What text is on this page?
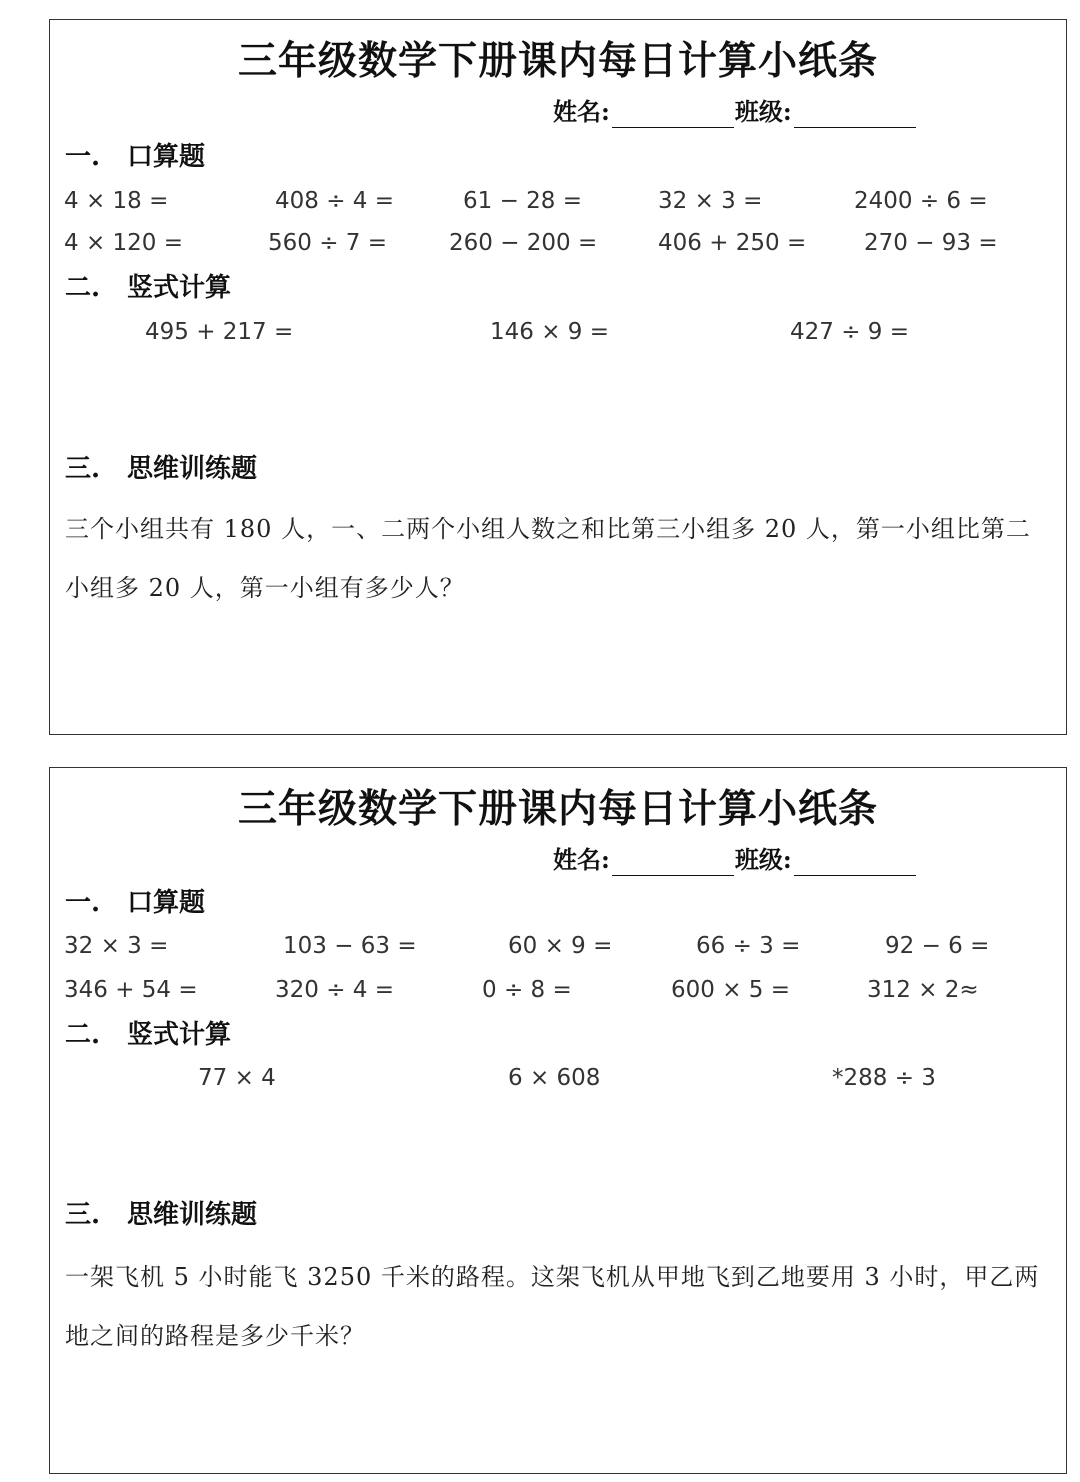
三年级数学下册课内每日计算小纸条
姓名:	班级:
一. 口算题
4 × 18 =	408 ÷ 4 =	61 − 28 =	32 × 3 =	2400 ÷ 6 =
4 × 120 =	560 ÷ 7 =	260 − 200 =	406 + 250 =	270 − 93 =
二. 竖式计算
495 + 217 =	146 × 9 =	427 ÷ 9 =
三. 思维训练题

三个小组共有 180 人，一、二两个小组人数之和比第三小组多 20 人，第一小组比第二小组多 20 人，第一小组有多少人？

三年级数学下册课内每日计算小纸条
姓名:	班级:
一. 口算题
32 × 3 =	103 − 63 =	60 × 9 =	66 ÷ 3 =	92 − 6 =
346 + 54 =	320 ÷ 4 =	0 ÷ 8 =	600 × 5 =	312 × 2≈
二. 竖式计算
77 × 4	6 × 608	*288 ÷ 3
三. 思维训练题

一架飞机 5 小时能飞 3250 千米的路程。这架飞机从甲地飞到乙地要用 3 小时，甲乙两地之间的路程是多少千米？
